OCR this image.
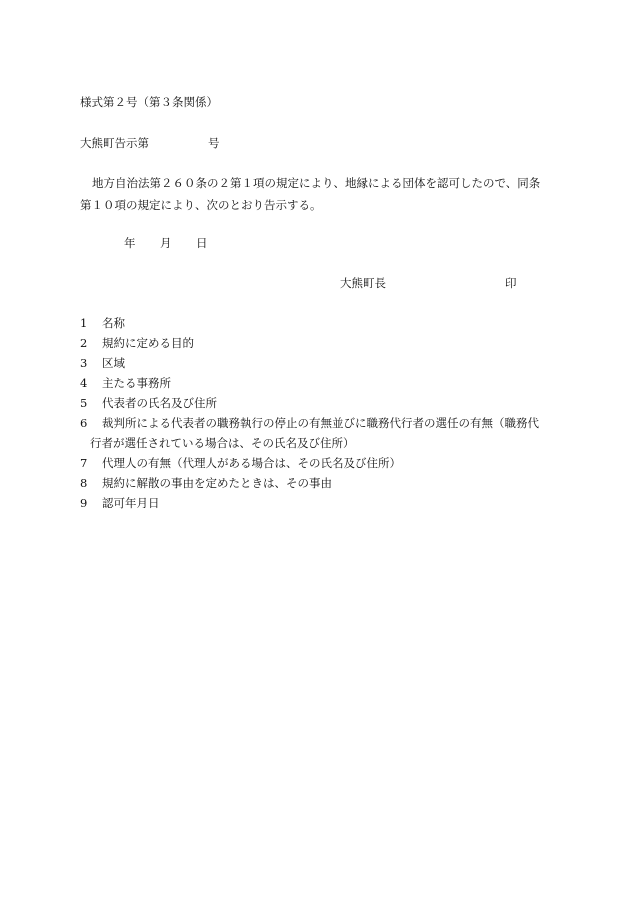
様式第２号（第３条関係）
大熊町告示第	号
地方自治法第２６０条の２第１項の規定により、地縁による団体を認可したので、同条
第１０項の規定により、次のとおり告示する。
年 月 日
大熊町長	印
1 名称
2 規約に定める目的
3 区域
4 主たる事務所
5 代表者の氏名及び住所
6 裁判所による代表者の職務執行の停止の有無並びに職務代行者の選任の有無（職務代
行者が選任されている場合は、その氏名及び住所）
7 代理人の有無（代理人がある場合は、その氏名及び住所）
8 規約に解散の事由を定めたときは、その事由
9 認可年月日
